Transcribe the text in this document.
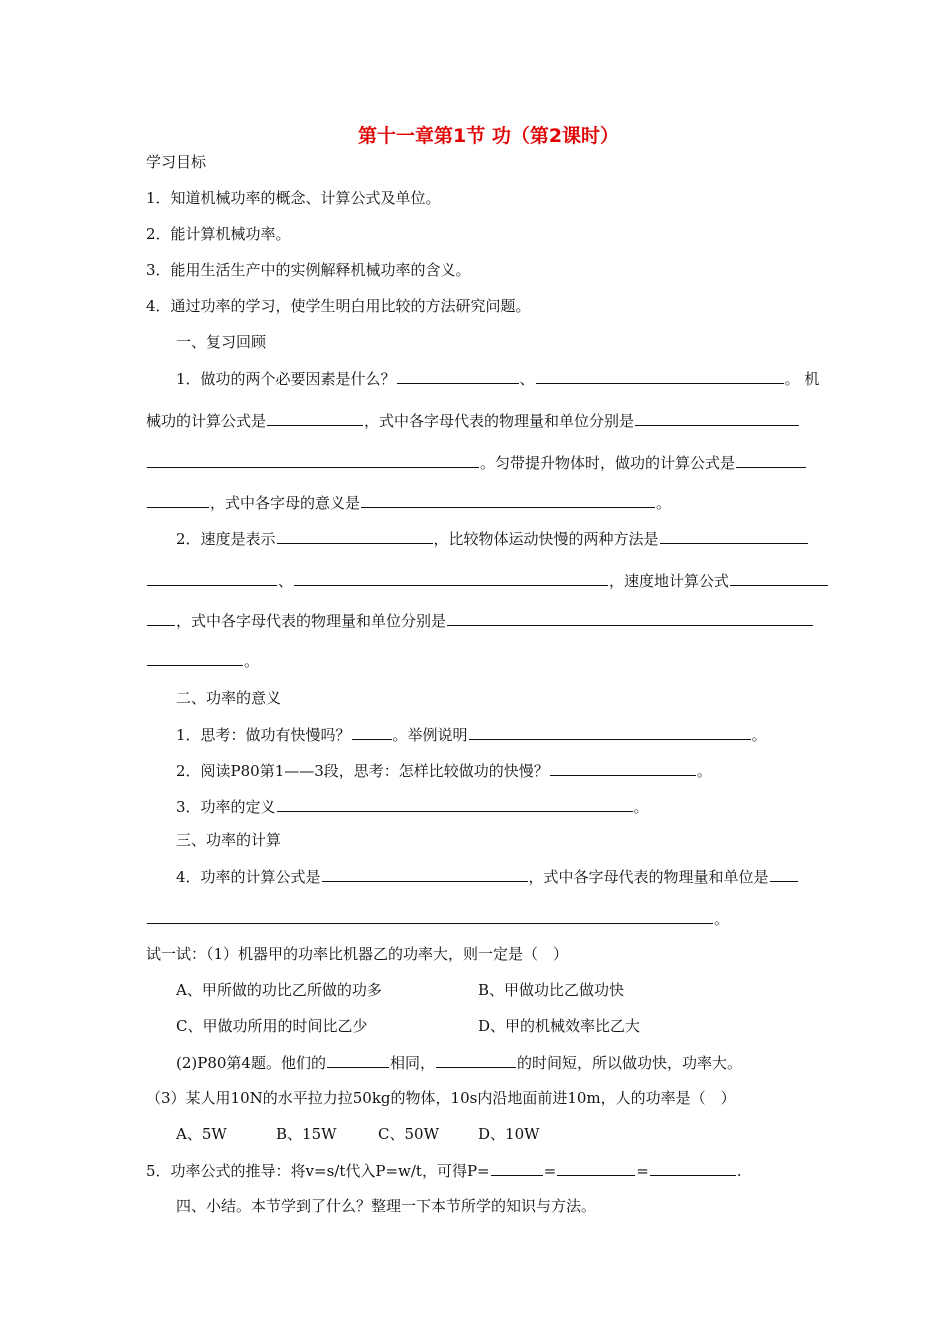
第十一章第1节 功（第2课时）
学习目标
1．知道机械功率的概念、计算公式及单位。
2．能计算机械功率。
3．能用生活生产中的实例解释机械功率的含义。
4．通过功率的学习，使学生明白用比较的方法研究问题。
一、复习回顾
1．做功的两个必要因素是什么？	、	。 机
械功的计算公式是	，式中各字母代表的物理量和单位分别是
。匀带提升物体时，做功的计算公式是
，式中各字母的意义是	。
2．速度是表示	，比较物体运动快慢的两种方法是
、	，速度地计算公式
，式中各字母代表的物理量和单位分别是
。
二、功率的意义
1．思考：做功有快慢吗？	。举例说明	。
2．阅读P80第1——3段，思考：怎样比较做功的快慢？	。
3．功率的定义	。
三、功率的计算
4．功率的计算公式是	，式中各字母代表的物理量和单位是
。
试一试：（1）机器甲的功率比机器乙的功率大，则一定是（　）
A、甲所做的功比乙所做的功多	B、甲做功比乙做功快
C、甲做功所用的时间比乙少	D、甲的机械效率比乙大
(2)P80第4题。他们的	相同，	的时间短，所以做功快，功率大。
（3）某人用10N的水平拉力拉50kg的物体，10s内沿地面前进10m，人的功率是（　）
A、5W	B、15W	C、50W	D、10W
5．功率公式的推导：将v=s/t代入P=w/t，可得P=	=	=	.
四、小结。本节学到了什么？整理一下本节所学的知识与方法。
